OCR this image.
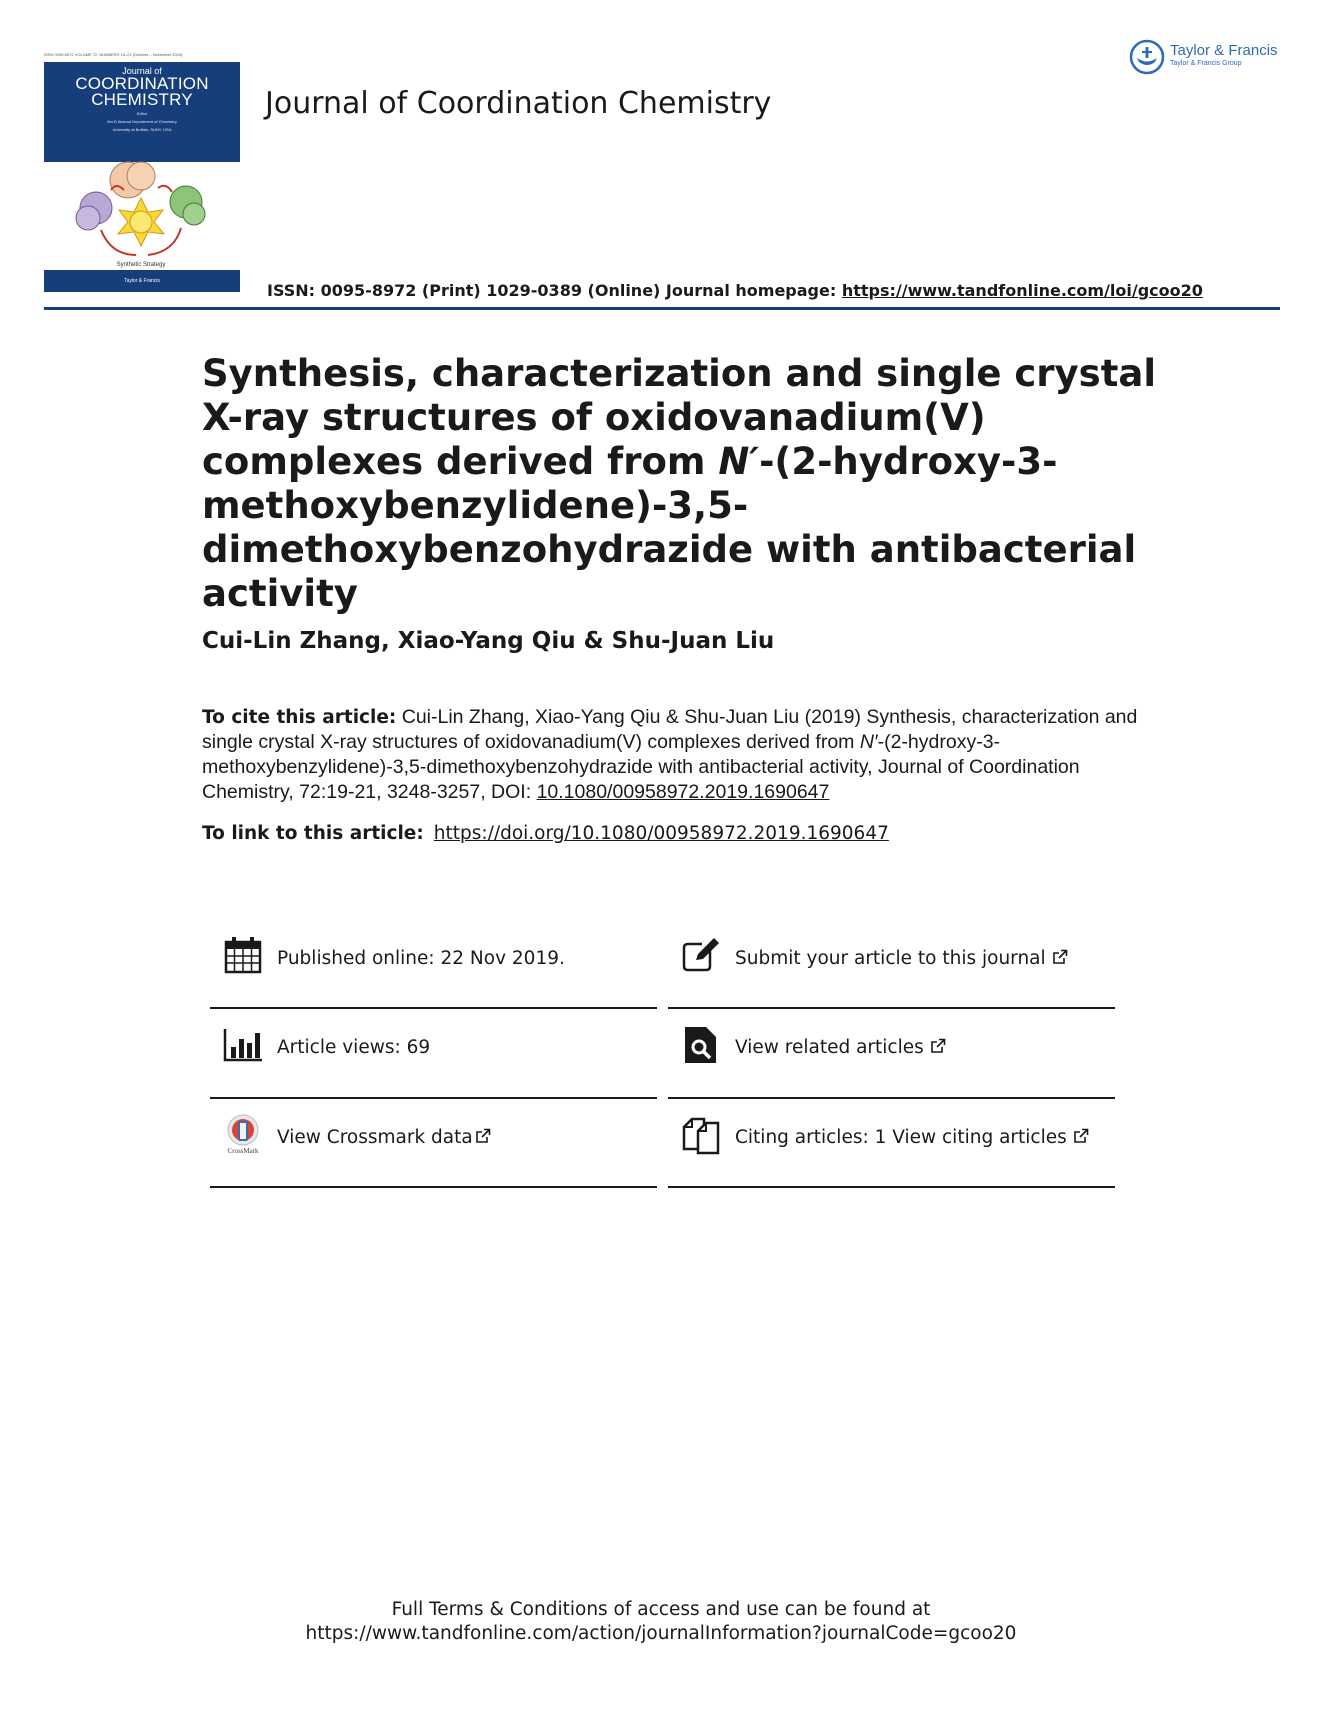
ISSN 0095-8972 VOLUME 72, NUMBERS 19–21 (October – November 2019)
Journal of
COORDINATION
CHEMISTRY
Editor
Jim D Atwood Department of Chemistry,
University at Buffalo, SUNY, USA
Synthetic Strategy
Taylor & Francis
Journal of Coordination Chemistry
Taylor & Francis
Taylor & Francis Group
ISSN: 0095-8972 (Print) 1029-0389 (Online) Journal homepage: https://www.tandfonline.com/loi/gcoo20
Synthesis, characterization and single crystal X-ray structures of oxidovanadium(V) complexes derived from N′-(2-hydroxy-3-methoxybenzylidene)-3,5-dimethoxybenzohydrazide with antibacterial activity
Cui-Lin Zhang, Xiao-Yang Qiu & Shu-Juan Liu
To cite this article: Cui-Lin Zhang, Xiao-Yang Qiu & Shu-Juan Liu (2019) Synthesis, characterization and single crystal X-ray structures of oxidovanadium(V) complexes derived from N′-(2-hydroxy-3-methoxybenzylidene)-3,5-dimethoxybenzohydrazide with antibacterial activity, Journal of Coordination Chemistry, 72:19-21, 3248-3257, DOI: 10.1080/00958972.2019.1690647
To link to this article: https://doi.org/10.1080/00958972.2019.1690647
Published online: 22 Nov 2019.	Submit your article to this journal
Article views: 69	View related articles
CrossMark
View Crossmark data	Citing articles: 1 View citing articles
Full Terms & Conditions of access and use can be found at
https://www.tandfonline.com/action/journalInformation?journalCode=gcoo20
